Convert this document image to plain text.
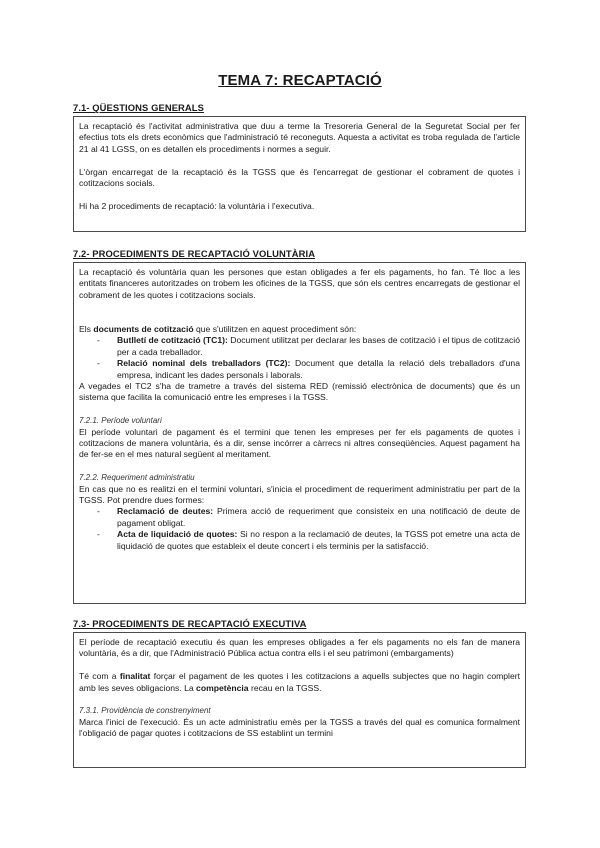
TEMA 7: RECAPTACIÓ
7.1- QÜESTIONS GENERALS

La recaptació és l'activitat administrativa que duu a terme la Tresoreria General de la Seguretat Social per fer efectius tots els drets econòmics que l'administració té reconeguts. Aquesta a activitat es troba regulada de l'article 21 al 41 LGSS, on es detallen els procediments i normes a seguir.

L'òrgan encarregat de la recaptació és la TGSS que és l'encarregat de gestionar el cobrament de quotes i cotitzacions socials.

Hi ha 2 procediments de recaptació: la voluntària i l'executiva.

7.2- PROCEDIMENTS DE RECAPTACIÓ VOLUNTÀRIA

La recaptació és voluntària quan les persones que estan obligades a fer els pagaments, ho fan. Té lloc a les entitats financeres autoritzades on trobem les oficines de la TGSS, que són els centres encarregats de gestionar el cobrament de les quotes i cotitzacions socials.

Els documents de cotització que s'utilitzen en aquest procediment són:

- Butlletí de cotització (TC1): Document utilitzat per declarar les bases de cotització i el tipus de cotització per a cada treballador.
- Relació nominal dels treballadors (TC2): Document que detalla la relació dels treballadors d'una empresa, indicant les dades personals i laborals.

A vegades el TC2 s'ha de trametre a través del sistema RED (remissió electrònica de documents) que és un sistema que facilita la comunicació entre les empreses i la TGSS.

7.2.1. Període voluntari

El període voluntari de pagament és el termini que tenen les empreses per fer els pagaments de quotes i cotitzacions de manera voluntària, és a dir, sense incórrer a càrrecs ni altres conseqüències. Aquest pagament ha de fer-se en el mes natural següent al meritament.

7.2.2. Requeriment administratiu

En cas que no es realitzi en el termini voluntari, s'inicia el procediment de requeriment administratiu per part de la TGSS. Pot prendre dues formes:

- Reclamació de deutes: Primera acció de requeriment que consisteix en una notificació de deute de pagament obligat.
- Acta de liquidació de quotes: Si no respon a la reclamació de deutes, la TGSS pot emetre una acta de liquidació de quotes que estableix el deute concert i els terminis per la satisfacció.
7.3- PROCEDIMENTS DE RECAPTACIÓ EXECUTIVA

El període de recaptació executiu és quan les empreses obligades a fer els pagaments no els fan de manera voluntària, és a dir, que l'Administració Pública actua contra ells i el seu patrimoni (embargaments)

Té com a finalitat forçar el pagament de les quotes i les cotitzacions a aquells subjectes que no hagin complert amb les seves obligacions. La competència recau en la TGSS.

7.3.1. Providència de constrenyiment

Marca l'inici de l'execució. És un acte administratiu emès per la TGSS a través del qual es comunica formalment l'obligació de pagar quotes i cotitzacions de SS establint un termini
